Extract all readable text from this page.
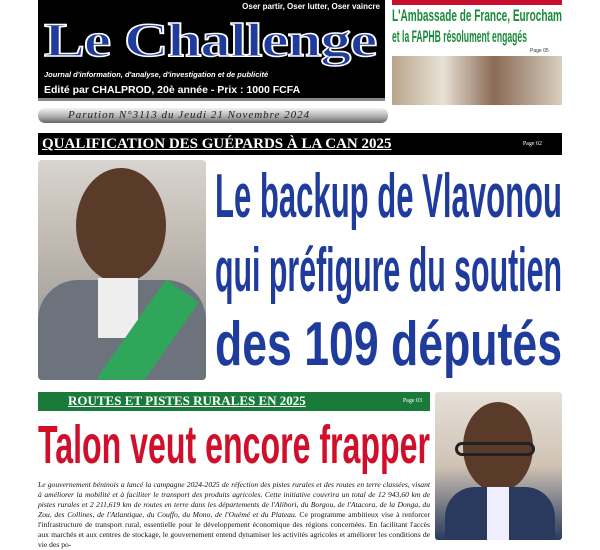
Oser partir, Oser lutter, Oser vaincre
Le Challenge
Journal d'information, d'analyse, d'investigation et de publicité
Edité par CHALPROD, 20è année - Prix : 1000 FCFA
Parution N°3113 du Jeudi 21 Novembre 2024
L'Ambassade de France, Eurocham
et la FAPHB résolument engagés
Page 05
QUALIFICATION DES GUÉPARDS À LA CAN 2025	Page 02
Le backup de Vlavonou
qui préfigure du soutien
des 109 députés
ROUTES ET PISTES RURALES EN 2025	Page 03
Talon veut encore frapper
Le gouvernement béninois a lancé la campagne 2024-2025 de réfection des pistes rurales et des routes en terre classées, visant à améliorer la mobilité et à faciliter le transport des produits agricoles. Cette initiative couvrira un total de 12 943,60 km de pistes rurales et 2 211,619 km de routes en terre dans les départements de l'Alibori, du Borgou, de l'Atacora, de la Donga, du Zou, des Collines, de l'Atlantique, du Couffo, du Mono, de l'Ouémé et du Plateau. Ce programme ambitieux vise à renforcer l'infrastructure de transport rural, essentielle pour le développement économique des régions concernées. En facilitant l'accès aux marchés et aux centres de stockage, le gouvernement entend dynamiser les activités agricoles et améliorer les conditions de vie des po-
